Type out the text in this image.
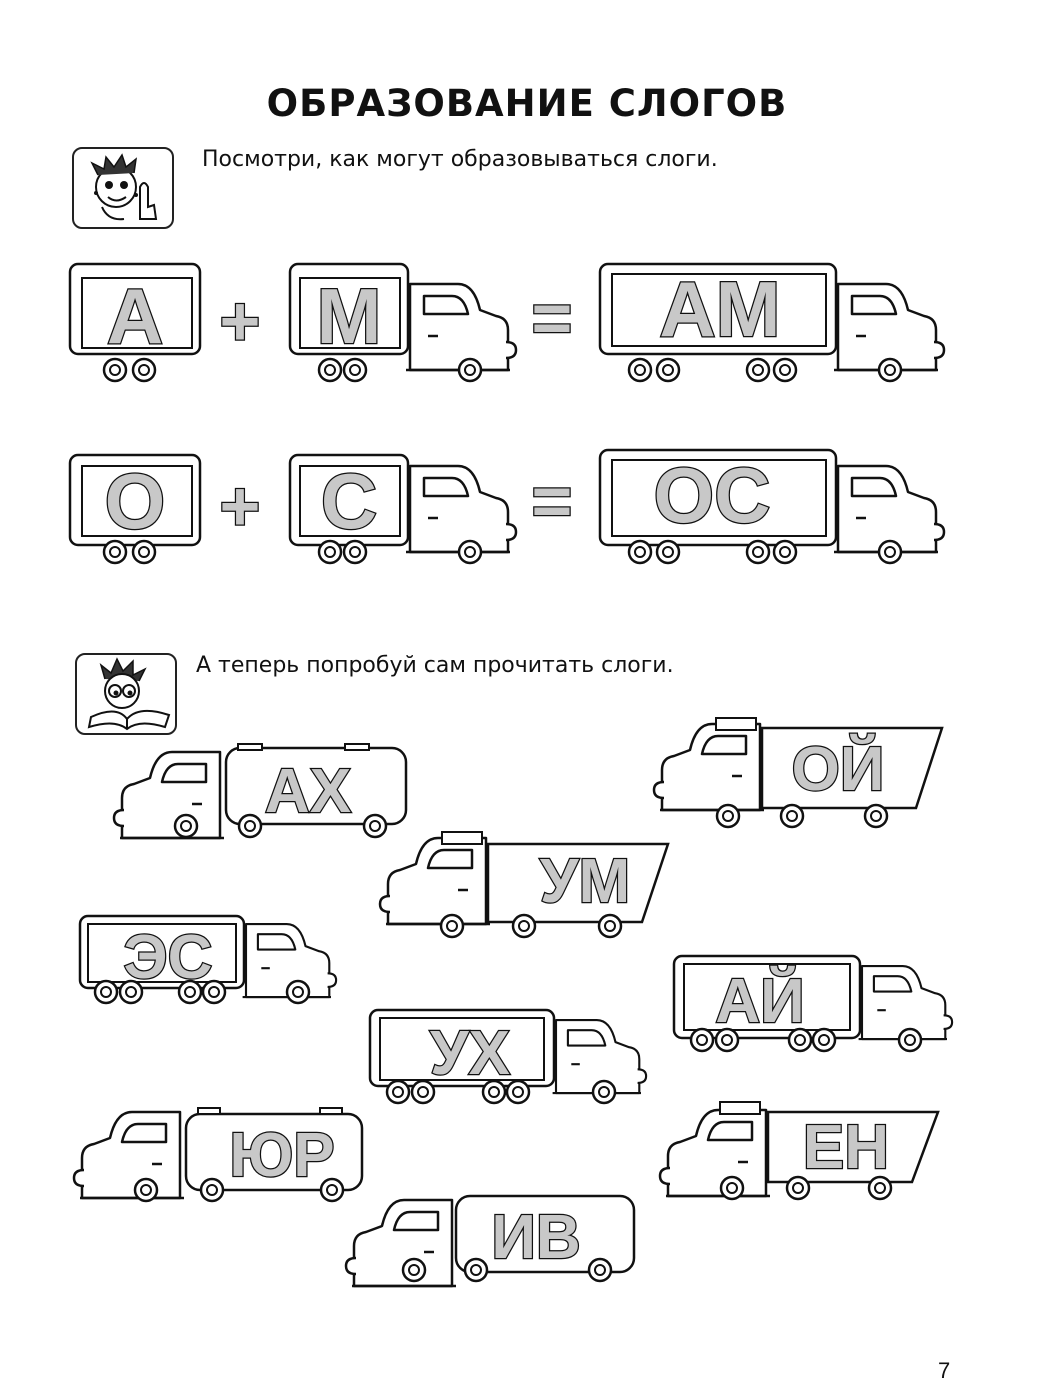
ОБРАЗОВАНИЕ СЛОГОВ

Посмотри, как могут образовываться слоги.

А теперь попробуй сам прочитать слоги.

А + М = АМ
О + С = ОС
АХ	ОЙ
УМ
ЭС
АЙ
УХ
ЮР	ЕН
ИВ

7
